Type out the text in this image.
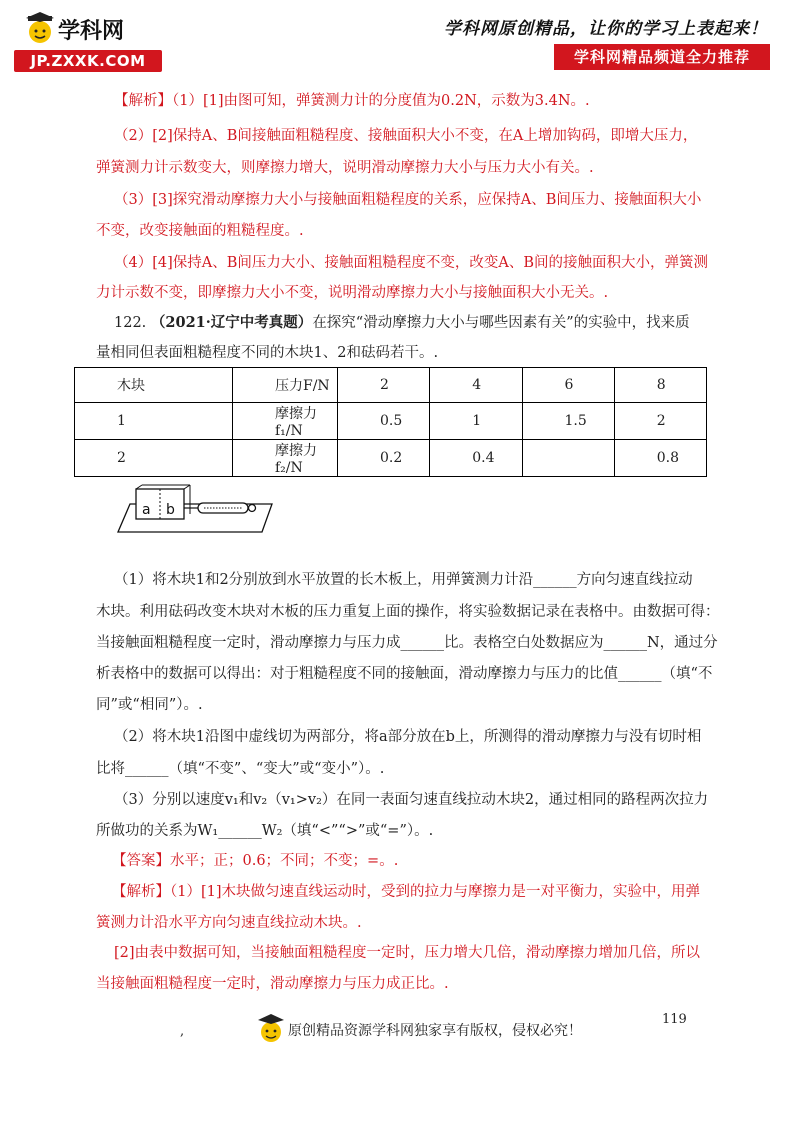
学科网
JP.ZXXK.COM
学科网原创精品，让你的学习上表起来！
学科网精品频道全力推荐
【解析】（1）[1]由图可知，弹簧测力计的分度值为0.2N，示数为3.4N。.
（2）[2]保持A、B间接触面粗糙程度、接触面积大小不变，在A上增加钩码，即增大压力，
弹簧测力计示数变大，则摩擦力增大，说明滑动摩擦力大小与压力大小有关。.
（3）[3]探究滑动摩擦力大小与接触面粗糙程度的关系，应保持A、B间压力、接触面积大小
不变，改变接触面的粗糙程度。.
（4）[4]保持A、B间压力大小、接触面粗糙程度不变，改变A、B间的接触面积大小，弹簧测
力计示数不变，即摩擦力大小不变，说明滑动摩擦力大小与接触面积大小无关。.
122. （2021·辽宁中考真题）在探究“滑动摩擦力大小与哪些因素有关”的实验中，找来质
量相同但表面粗糙程度不同的木块1、2和砝码若干。.
木块	压力F/N	2	4	6	8
1	摩擦力f₁/N	0.5	1	1.5	2
2	摩擦力f₂/N	0.2	0.4		0.8
a b
（1）将木块1和2分别放到水平放置的长木板上，用弹簧测力计沿______方向匀速直线拉动
木块。利用砝码改变木块对木板的压力重复上面的操作，将实验数据记录在表格中。由数据可得：
当接触面粗糙程度一定时，滑动摩擦力与压力成______比。表格空白处数据应为______N，通过分
析表格中的数据可以得出：对于粗糙程度不同的接触面，滑动摩擦力与压力的比值______（填“不
同”或“相同”）。.
（2）将木块1沿图中虚线切为两部分，将a部分放在b上，所测得的滑动摩擦力与没有切时相
比将______（填“不变”、“变大”或“变小”）。.
（3）分别以速度v₁和v₂（v₁>v₂）在同一表面匀速直线拉动木块2，通过相同的路程两次拉力
所做功的关系为W₁______W₂（填“<”“>”或“=”）。.
【答案】水平；正；0.6；不同；不变；=。.
【解析】（1）[1]木块做匀速直线运动时，受到的拉力与摩擦力是一对平衡力，实验中，用弹
簧测力计沿水平方向匀速直线拉动木块。.
[2]由表中数据可知，当接触面粗糙程度一定时，压力增大几倍，滑动摩擦力增加几倍，所以
当接触面粗糙程度一定时，滑动摩擦力与压力成正比。.
119
,	原创精品资源学科网独家享有版权，侵权必究！
